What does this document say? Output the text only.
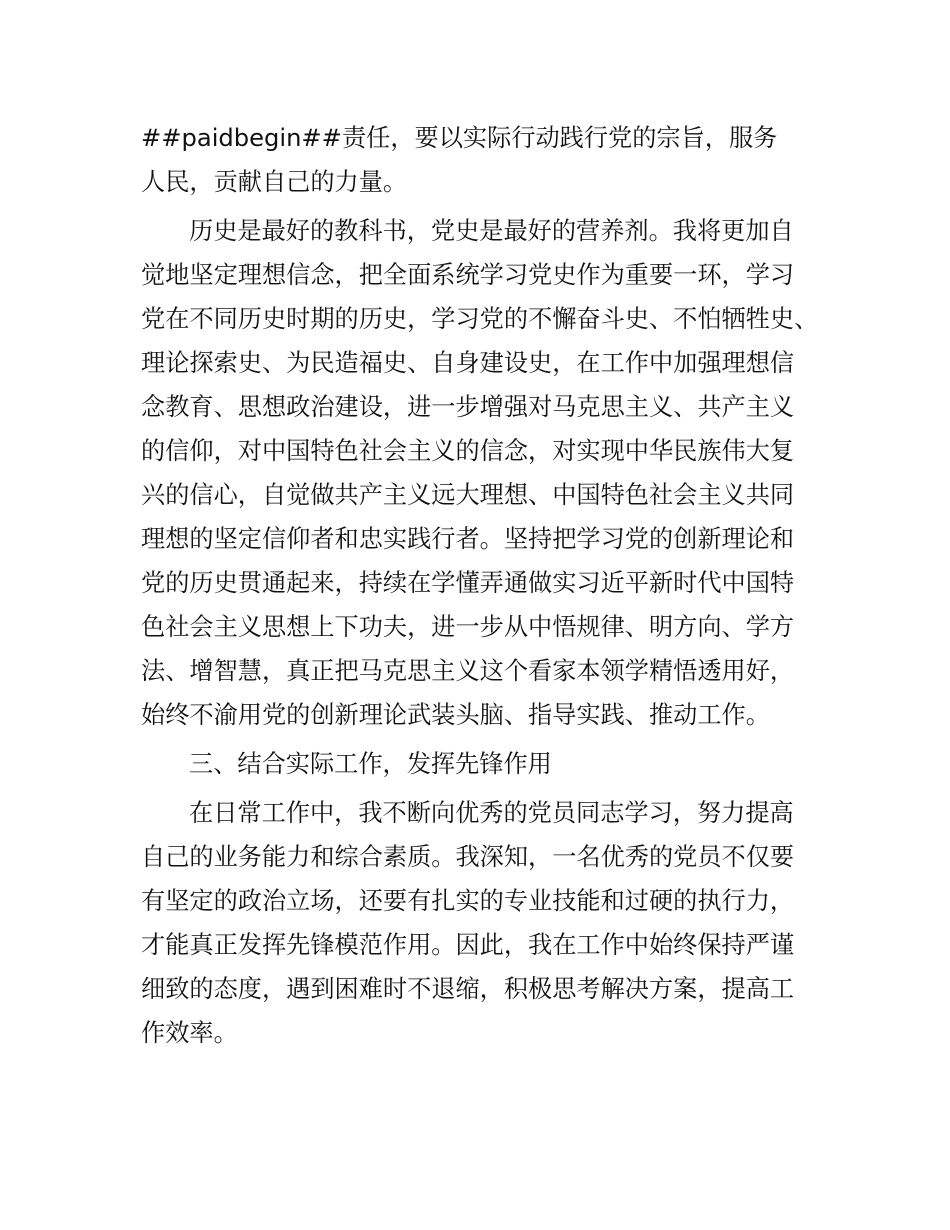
##paidbegin##责任，要以实际行动践行党的宗旨，服务
人民，贡献自己的力量。
历史是最好的教科书，党史是最好的营养剂。我将更加自
觉地坚定理想信念，把全面系统学习党史作为重要一环，学习
党在不同历史时期的历史，学习党的不懈奋斗史、不怕牺牲史、
理论探索史、为民造福史、自身建设史，在工作中加强理想信
念教育、思想政治建设，进一步增强对马克思主义、共产主义
的信仰，对中国特色社会主义的信念，对实现中华民族伟大复
兴的信心，自觉做共产主义远大理想、中国特色社会主义共同
理想的坚定信仰者和忠实践行者。坚持把学习党的创新理论和
党的历史贯通起来，持续在学懂弄通做实习近平新时代中国特
色社会主义思想上下功夫，进一步从中悟规律、明方向、学方
法、增智慧，真正把马克思主义这个看家本领学精悟透用好，
始终不渝用党的创新理论武装头脑、指导实践、推动工作。
三、结合实际工作，发挥先锋作用
在日常工作中，我不断向优秀的党员同志学习，努力提高
自己的业务能力和综合素质。我深知，一名优秀的党员不仅要
有坚定的政治立场，还要有扎实的专业技能和过硬的执行力，
才能真正发挥先锋模范作用。因此，我在工作中始终保持严谨
细致的态度，遇到困难时不退缩，积极思考解决方案，提高工
作效率。
